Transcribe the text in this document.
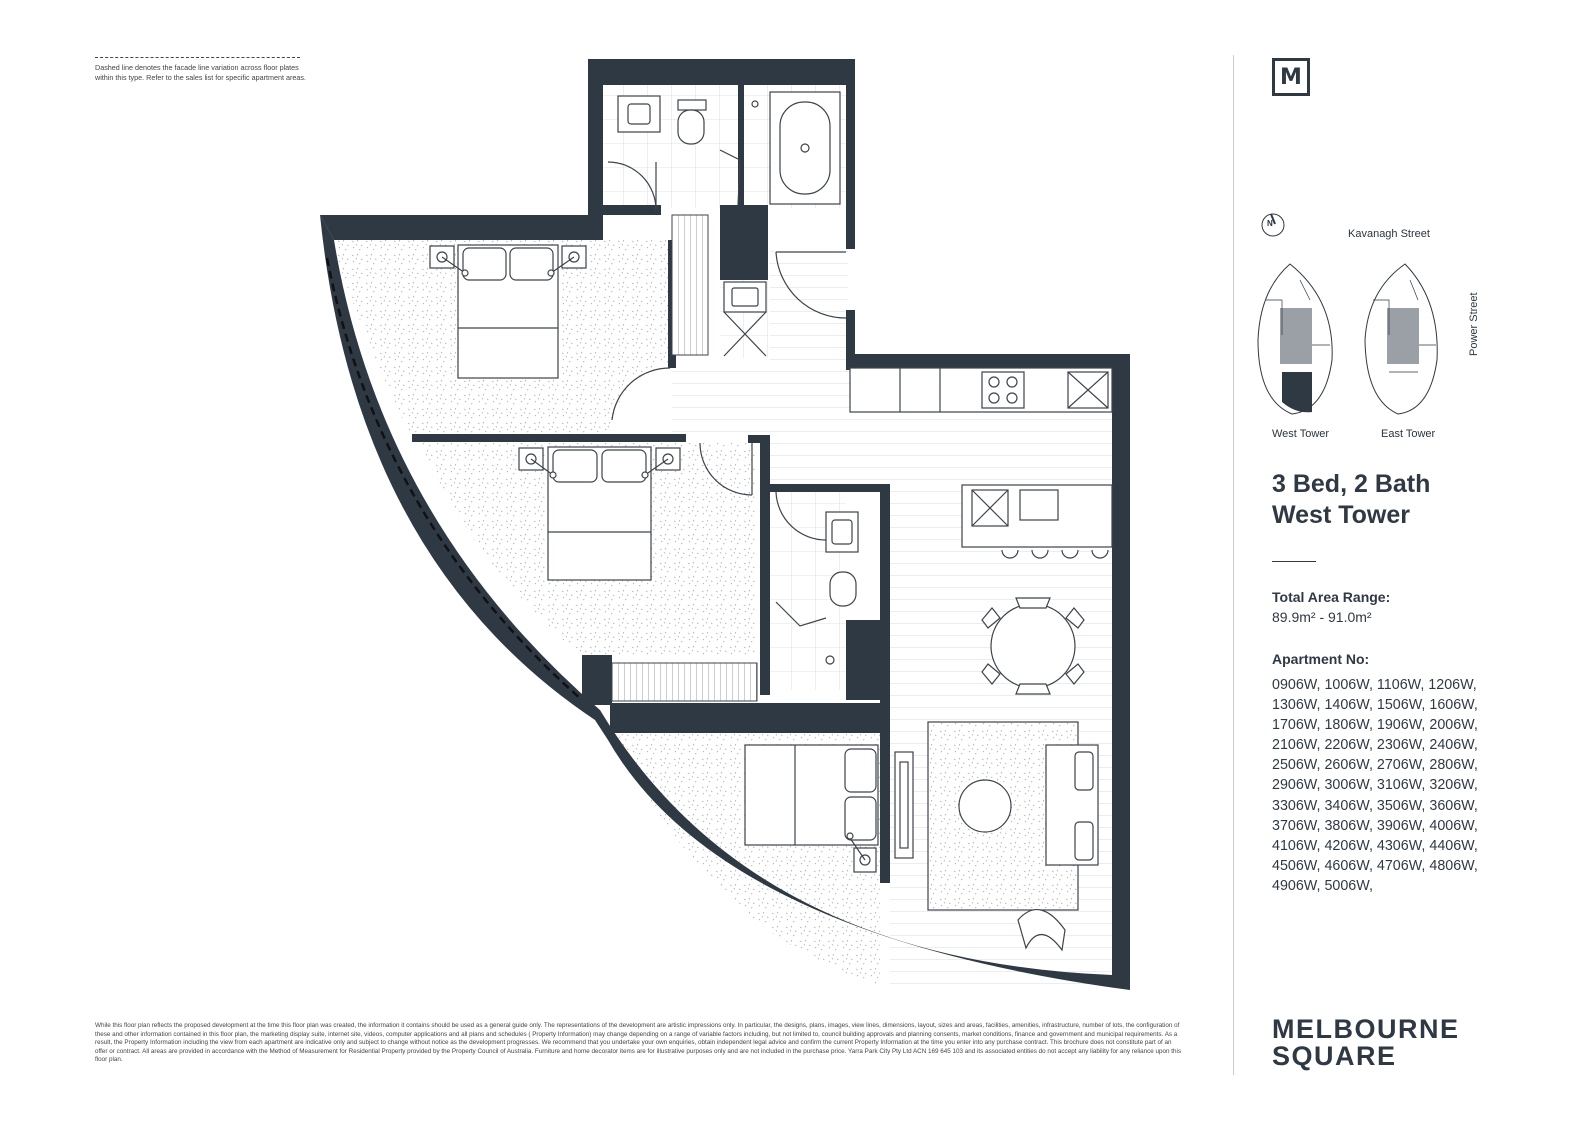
Dashed line denotes the facade line variation across floor plates within this type. Refer to the sales list for specific apartment areas.
N
Kavanagh Street
Power Street
West Tower	East Tower
M
3 Bed, 2 Bath
West Tower
Total Area Range:
89.9m² - 91.0m²
Apartment No:
0906W, 1006W, 1106W, 1206W, 1306W, 1406W, 1506W, 1606W, 1706W, 1806W, 1906W, 2006W, 2106W, 2206W, 2306W, 2406W, 2506W, 2606W, 2706W, 2806W, 2906W, 3006W, 3106W, 3206W, 3306W, 3406W, 3506W, 3606W, 3706W, 3806W, 3906W, 4006W, 4106W, 4206W, 4306W, 4406W, 4506W, 4606W, 4706W, 4806W, 4906W, 5006W,
MELBOURNE
SQUARE
While this floor plan reflects the proposed development at the time this floor plan was created, the information it contains should be used as a general guide only. The representations of the development are artistic impressions only. In particular, the designs, plans, images, view lines, dimensions, layout, sizes and areas, facilities, amenities, infrastructure, number of lots, the configuration of these and other information contained in this floor plan, the marketing display suite, internet site, videos, computer applications and all plans and schedules ( Property Information) may change depending on a range of variable factors including, but not limited to, council building approvals and planning consents, market conditions, finance and government and municipal requirements. As a result, the Property Information including the view from each apartment are indicative only and subject to change without notice as the development progresses. We recommend that you undertake your own enquiries, obtain independent legal advice and confirm the current Property Information at the time you enter into any purchase contract. This brochure does not constitute part of an offer or contract. All areas are provided in accordance with the Method of Measurement for Residential Property provided by the Property Council of Australia. Furniture and home decorator items are for illustrative purposes only and are not included in the purchase price. Yarra Park City Pty Ltd ACN 169 645 103 and its associated entities do not accept any liability for any reliance upon this floor plan.
